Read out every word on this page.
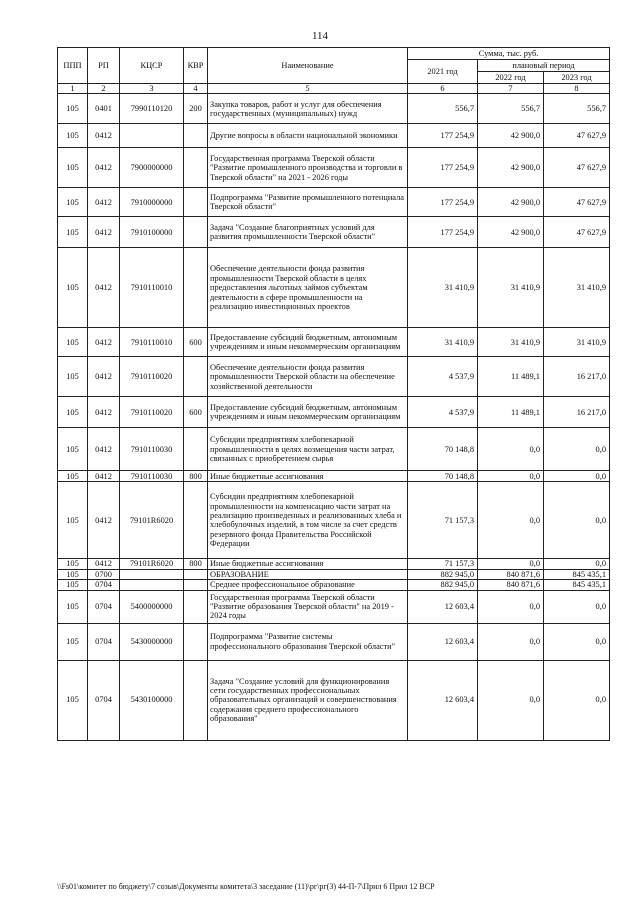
114
ППП	РП	КЦСР	КВР	Наименование	Сумма, тыс. руб.		
					2021 год	плановый период	
						2022 год	2023 год
1	2	3	4	5	6	7	8
105	0401	7990110120	200	Закупка товаров, работ и услуг для обеспечения государственных (муниципальных) нужд	556,7	556,7	556,7
105	0412			Другие вопросы в области национальной экономики	177 254,9	42 900,0	47 627,9
105	0412	7900000000		Государственная программа Тверской области "Развитие промышленного производства и торговли в Тверской области" на 2021 - 2026 годы	177 254,9	42 900,0	47 627,9
105	0412	7910000000		Подпрограмма "Развитие промышленного потенциала Тверской области"	177 254,9	42 900,0	47 627,9
105	0412	7910100000		Задача "Создание благоприятных условий для развития промышленности Тверской области"	177 254,9	42 900,0	47 627,9
105	0412	7910110010		Обеспечение деятельности фонда развития промышленности Тверской области в целях предоставления льготных займов субъектам деятельности в сфере промышленности на реализацию инвестиционных проектов	31 410,9	31 410,9	31 410,9
105	0412	7910110010	600	Предоставление субсидий бюджетным, автономным учреждениям и иным некоммерческим организациям	31 410,9	31 410,9	31 410,9
105	0412	7910110020		Обеспечение деятельности фонда развития промышленности Тверской области на обеспечение хозяйственной деятельности	4 537,9	11 489,1	16 217,0
105	0412	7910110020	600	Предоставление субсидий бюджетным, автономным учреждениям и иным некоммерческим организациям	4 537,9	11 489,1	16 217,0
105	0412	7910110030		Субсидии предприятиям хлебопекарной промышленности в целях возмещения части затрат, связанных с приобретением сырья	70 148,8	0,0	0,0
105	0412	7910110030	800	Иные бюджетные ассигнования	70 148,8	0,0	0,0
105	0412	79101R6020		Субсидии предприятиям хлебопекарной промышленности на компенсацию части затрат на реализацию произведенных и реализованных хлеба и хлебобулочных изделий, в том числе за счет средств резервного фонда Правительства Российской Федерации	71 157,3	0,0	0,0
105	0412	79101R6020	800	Иные бюджетные ассигнования	71 157,3	0,0	0,0
105	0700			ОБРАЗОВАНИЕ	882 945,0	840 871,6	845 435,1
105	0704			Среднее профессиональное образование	882 945,0	840 871,6	845 435,1
105	0704	5400000000		Государственная программа Тверской области "Развитие образования Тверской области" на 2019 - 2024 годы	12 603,4	0,0	0,0
105	0704	5430000000		Подпрограмма "Развитие системы профессионального образования Тверской области"	12 603,4	0,0	0,0
105	0704	5430100000		Задача "Создание условий для функционирования сети государственных профессиональных образовательных организаций и совершенствования содержания среднего профессионального образования"	12 603,4	0,0	0,0
\\Fs01\комитет по бюджету\7 созыв\Документы комитета\3 заседание (11)\рг\рг(3) 44-П-7\Прил 6 Прил 12 ВСР
